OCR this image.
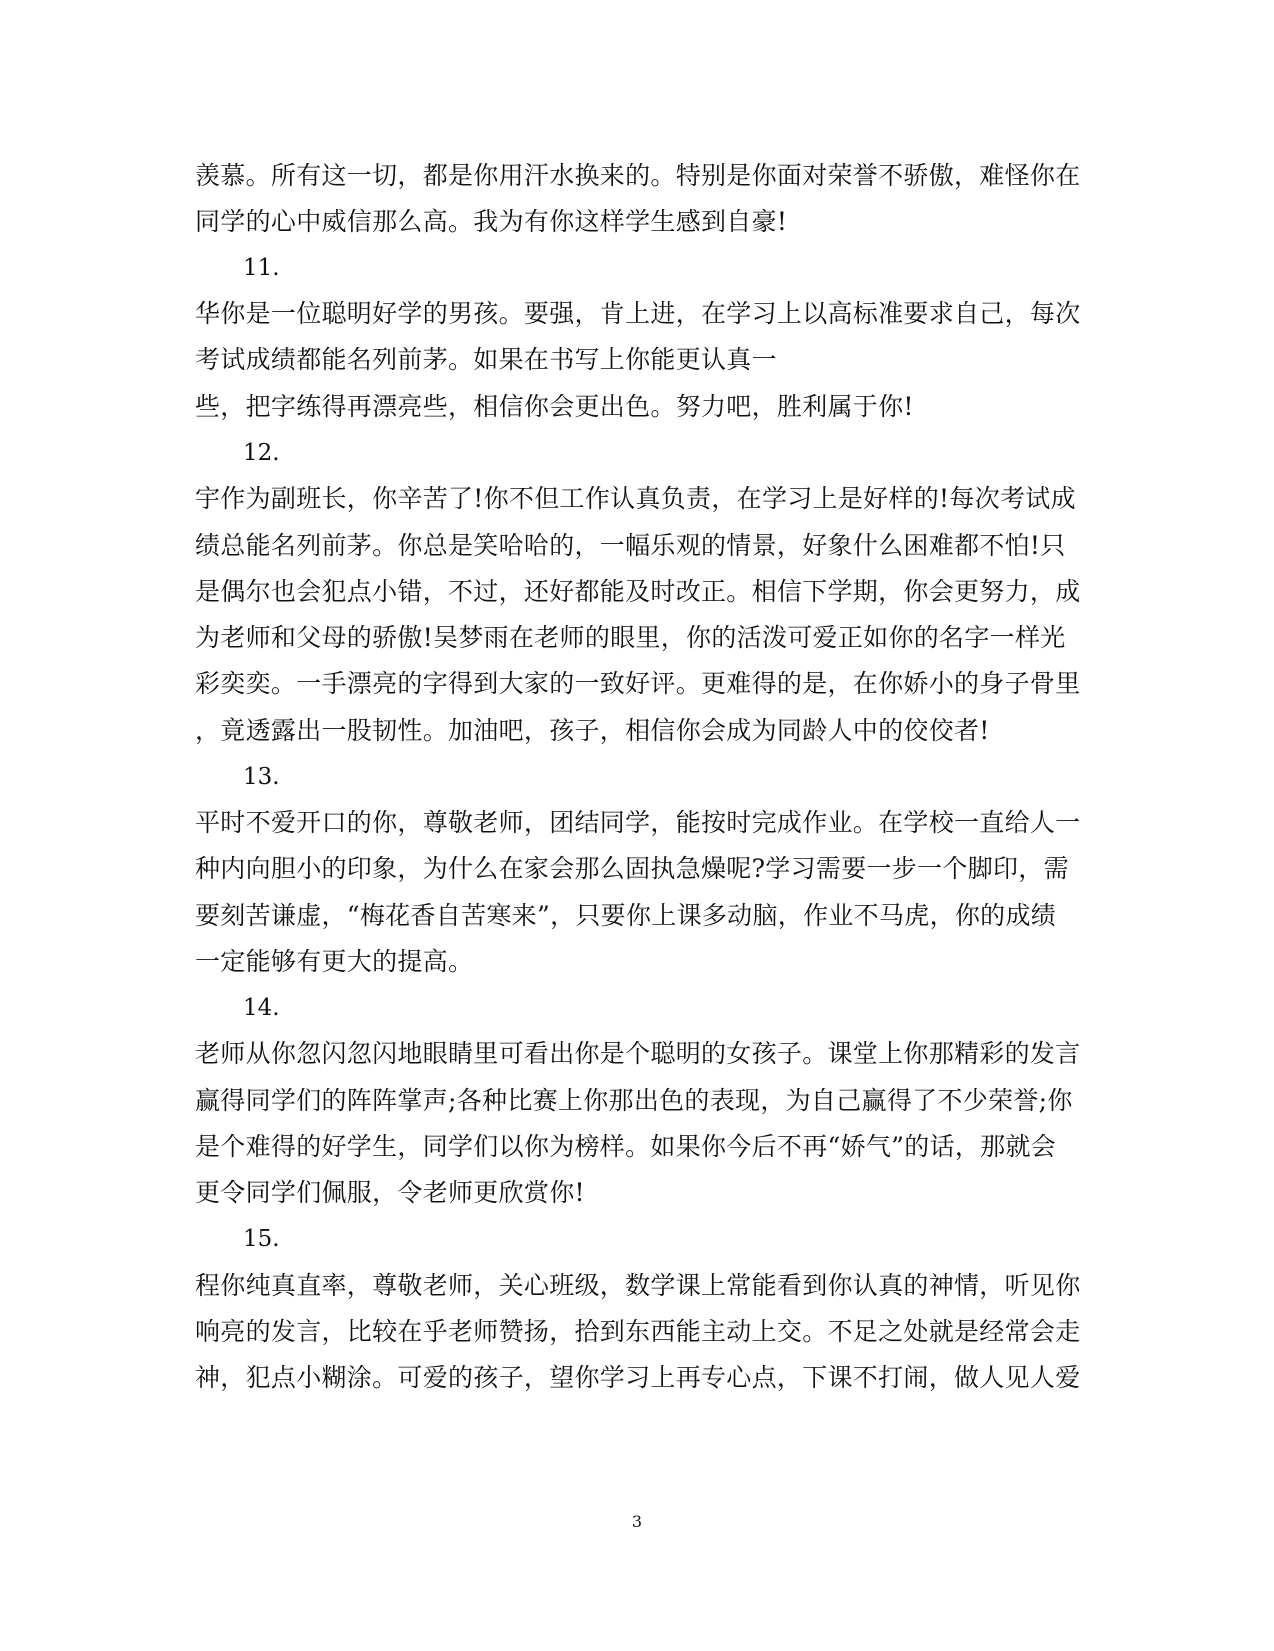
羡慕。所有这一切，都是你用汗水换来的。特别是你面对荣誉不骄傲，难怪你在
同学的心中威信那么高。我为有你这样学生感到自豪!
11.
华你是一位聪明好学的男孩。要强，肯上进，在学习上以高标准要求自己，每次
考试成绩都能名列前茅。如果在书写上你能更认真一
些，把字练得再漂亮些，相信你会更出色。努力吧，胜利属于你!
12.
宇作为副班长，你辛苦了!你不但工作认真负责，在学习上是好样的!每次考试成
绩总能名列前茅。你总是笑哈哈的，一幅乐观的情景，好象什么困难都不怕!只
是偶尔也会犯点小错，不过，还好都能及时改正。相信下学期，你会更努力，成
为老师和父母的骄傲!吴梦雨在老师的眼里，你的活泼可爱正如你的名字一样光
彩奕奕。一手漂亮的字得到大家的一致好评。更难得的是，在你娇小的身子骨里
，竟透露出一股韧性。加油吧，孩子，相信你会成为同龄人中的佼佼者!
13.
平时不爱开口的你，尊敬老师，团结同学，能按时完成作业。在学校一直给人一
种内向胆小的印象，为什么在家会那么固执急燥呢?学习需要一步一个脚印，需
要刻苦谦虚，“梅花香自苦寒来”，只要你上课多动脑，作业不马虎，你的成绩
一定能够有更大的提高。
14.
老师从你忽闪忽闪地眼睛里可看出你是个聪明的女孩子。课堂上你那精彩的发言
赢得同学们的阵阵掌声;各种比赛上你那出色的表现，为自己赢得了不少荣誉;你
是个难得的好学生，同学们以你为榜样。如果你今后不再“娇气”的话，那就会
更令同学们佩服，令老师更欣赏你!
15.
程你纯真直率，尊敬老师，关心班级，数学课上常能看到你认真的神情，听见你
响亮的发言，比较在乎老师赞扬，拾到东西能主动上交。不足之处就是经常会走
神，犯点小糊涂。可爱的孩子，望你学习上再专心点，下课不打闹，做人见人爱
3
